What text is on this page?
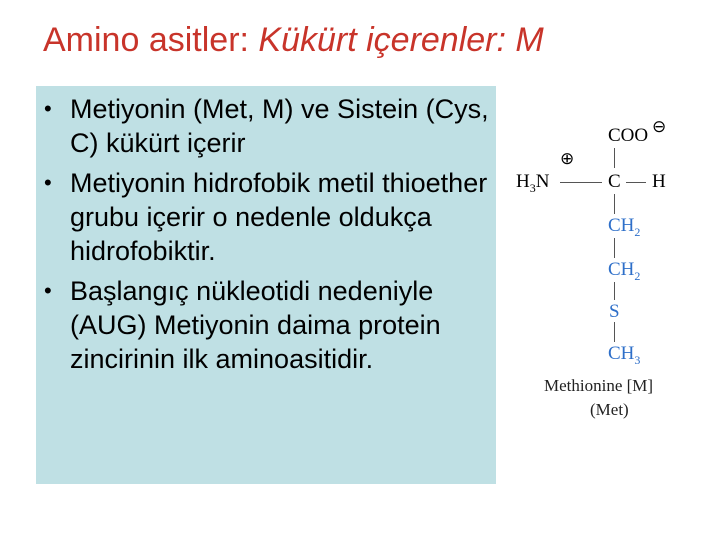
Amino asitler: Kükürt içerenler: M
• Metiyonin (Met, M) ve Sistein (Cys, C) kükürt içerir
• Metiyonin hidrofobik metil thioether grubu içerir o nedenle oldukça hidrofobiktir.
• Başlangıç nükleotidi nedeniyle (AUG) Metiyonin daima protein zincirinin ilk aminoasitidir.
COO ⊖
⊕
$H_3N$	C H
$CH_2$
$CH_2$
S
$CH_3$
Methionine [M]
(Met)
